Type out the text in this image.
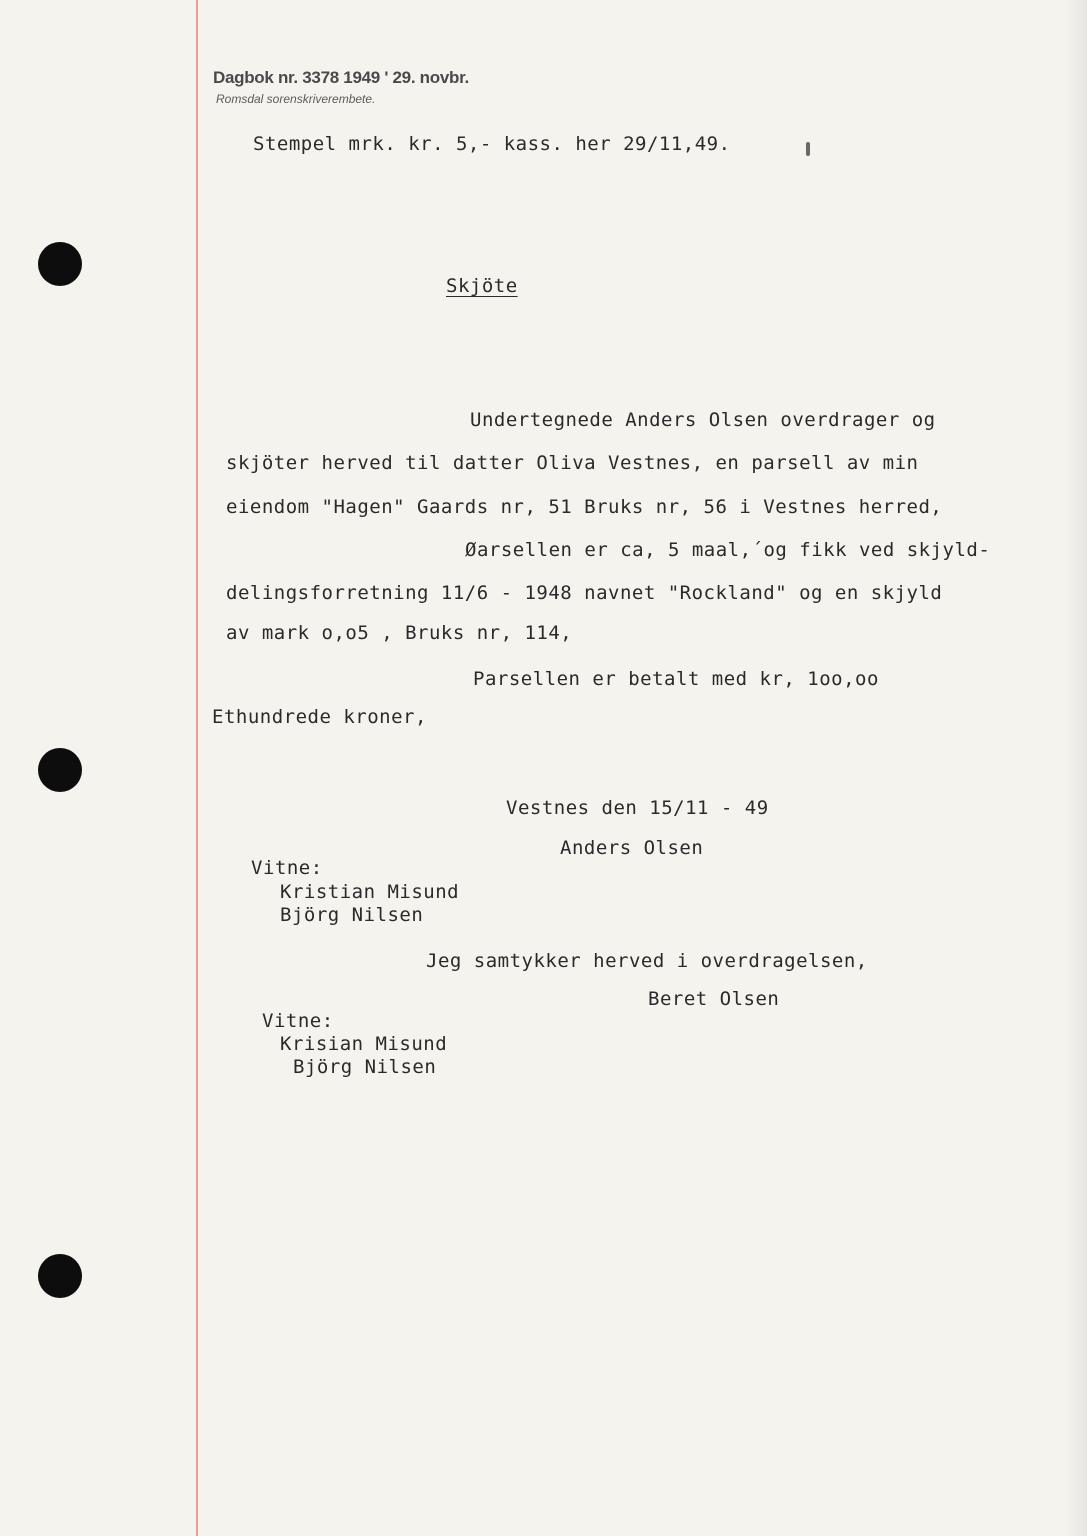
Dagbok nr. 3378 1949 ' 29. novbr.
Romsdal sorenskriverembete.
Stempel mrk. kr. 5,- kass. her 29/11,49.
Skjöte
Undertegnede Anders Olsen overdrager og
skjöter herved til datter Oliva Vestnes, en parsell av min
eiendom "Hagen" Gaards nr, 51 Bruks nr, 56 i Vestnes herred,
Øarsellen er ca, 5 maal,´og fikk ved skjyld-
delingsforretning 11/6 - 1948 navnet "Rockland" og en skjyld
av mark o,o5 , Bruks nr, 114,
Parsellen er betalt med kr, 1oo,oo
Ethundrede kroner,
Vestnes den 15/11 - 49
Anders Olsen
Vitne:
Kristian Misund
Björg Nilsen
Jeg samtykker herved i overdragelsen,
Beret Olsen
Vitne:
Krisian Misund
Björg Nilsen
